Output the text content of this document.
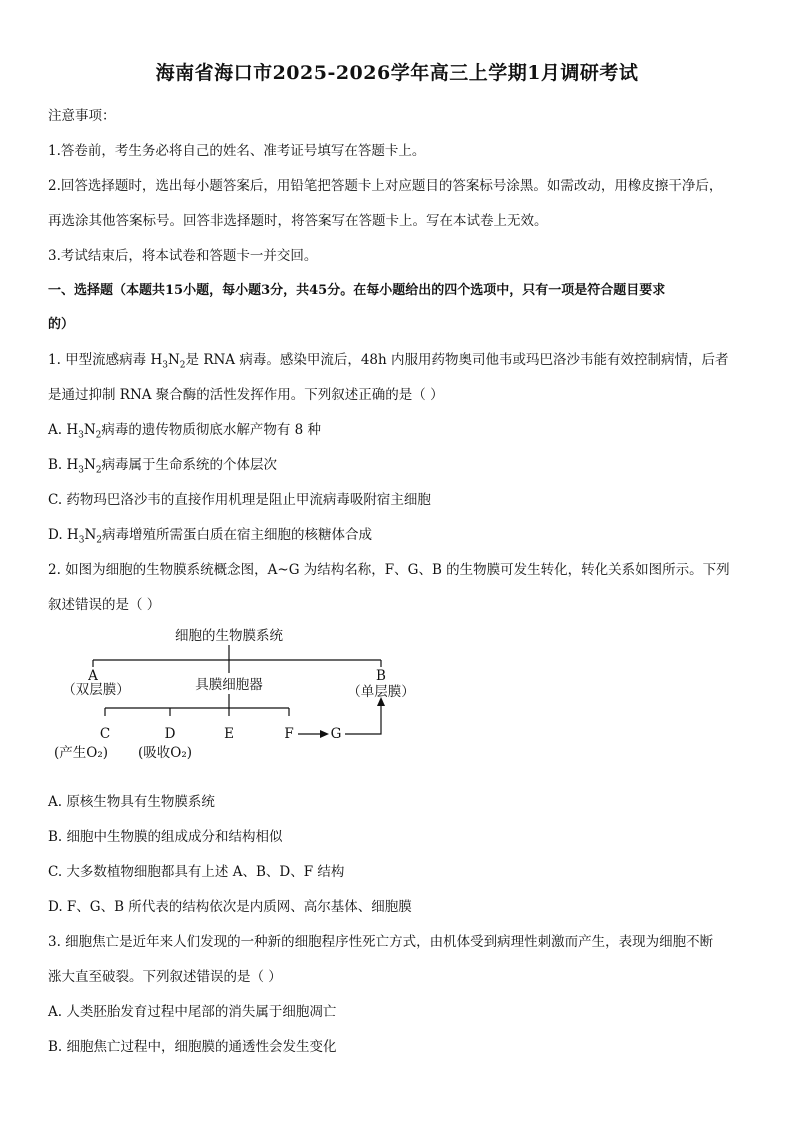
海南省海口市2025-2026学年高三上学期1月调研考试
注意事项：
1.答卷前，考生务必将自己的姓名、准考证号填写在答题卡上。
2.回答选择题时，选出每小题答案后，用铅笔把答题卡上对应题目的答案标号涂黑。如需改动，用橡皮擦干净后，
再选涂其他答案标号。回答非选择题时，将答案写在答题卡上。写在本试卷上无效。
3.考试结束后，将本试卷和答题卡一并交回。
一、选择题（本题共15小题，每小题3分，共45分。在每小题给出的四个选项中，只有一项是符合题目要求
的）
1. 甲型流感病毒 $H_3N_2$是 RNA 病毒。感染甲流后，48h 内服用药物奥司他韦或玛巴洛沙韦能有效控制病情，后者
是通过抑制 RNA 聚合酶的活性发挥作用。下列叙述正确的是（ ）
A. $H_3N_2$病毒的遗传物质彻底水解产物有 8 种
B. $H_3N_2$病毒属于生命系统的个体层次
C. 药物玛巴洛沙韦的直接作用机理是阻止甲流病毒吸附宿主细胞
D. $H_3N_2$病毒增殖所需蛋白质在宿主细胞的核糖体合成
2. 如图为细胞的生物膜系统概念图，A~G 为结构名称，F、G、B 的生物膜可发生转化，转化关系如图所示。下列
叙述错误的是（ ）
细胞的生物膜系统
A
（双层膜）	具膜细胞器
B
（单层膜）
C
(产生O₂)
D
(吸收O₂)
E	F	G
A. 原核生物具有生物膜系统
B. 细胞中生物膜的组成成分和结构相似
C. 大多数植物细胞都具有上述 A、B、D、F 结构
D. F、G、B 所代表的结构依次是内质网、高尔基体、细胞膜
3. 细胞焦亡是近年来人们发现的一种新的细胞程序性死亡方式，由机体受到病理性刺激而产生，表现为细胞不断
涨大直至破裂。下列叙述错误的是（ ）
A. 人类胚胎发育过程中尾部的消失属于细胞凋亡
B. 细胞焦亡过程中，细胞膜的通透性会发生变化
